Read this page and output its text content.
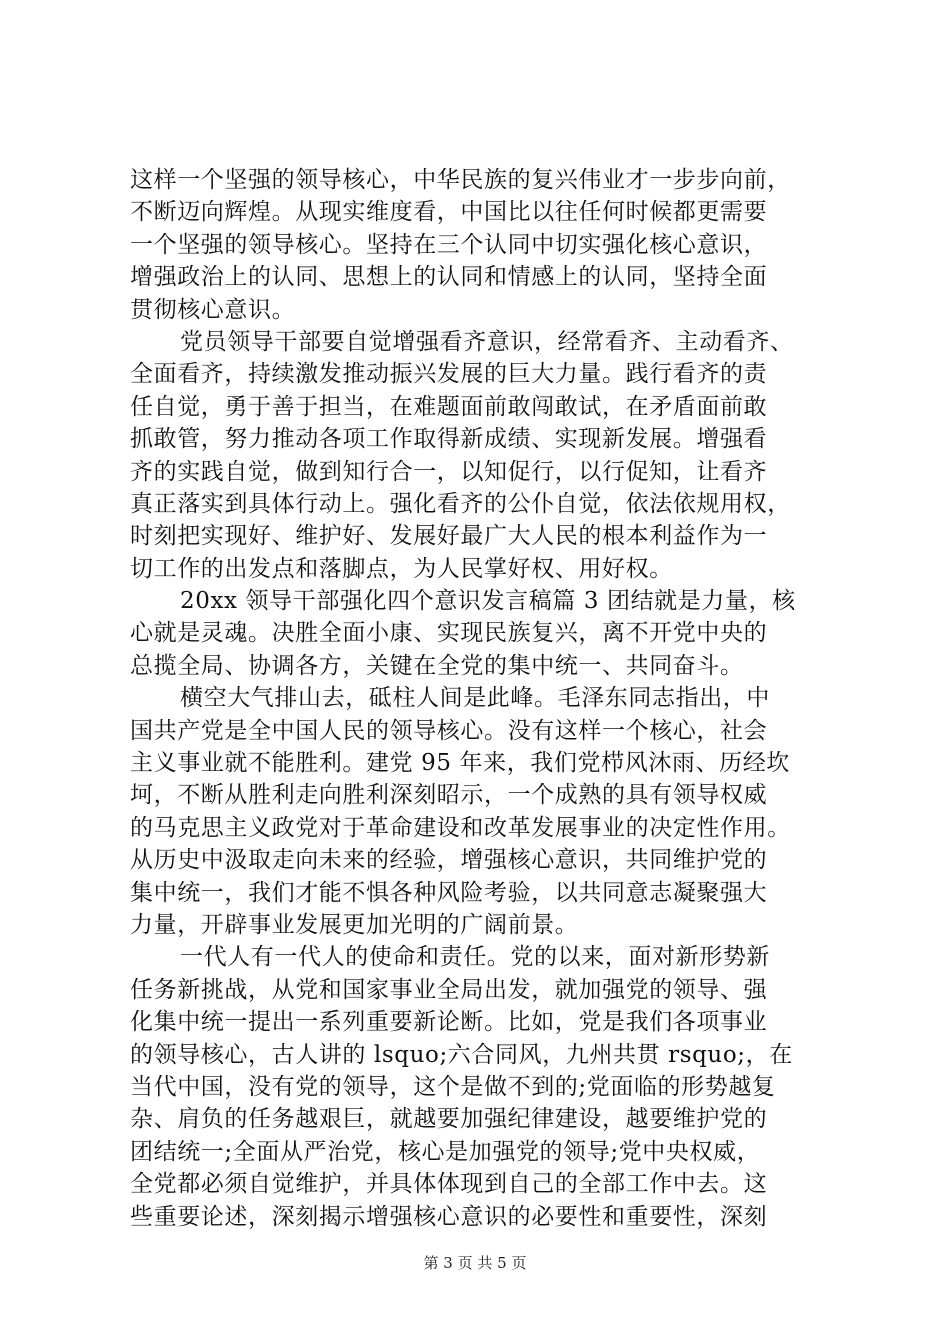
这样一个坚强的领导核心，中华民族的复兴伟业才一步步向前，
不断迈向辉煌。从现实维度看，中国比以往任何时候都更需要
一个坚强的领导核心。坚持在三个认同中切实强化核心意识，
增强政治上的认同、思想上的认同和情感上的认同，坚持全面
贯彻核心意识。
党员领导干部要自觉增强看齐意识，经常看齐、主动看齐、
全面看齐，持续激发推动振兴发展的巨大力量。践行看齐的责
任自觉，勇于善于担当，在难题面前敢闯敢试，在矛盾面前敢
抓敢管，努力推动各项工作取得新成绩、实现新发展。增强看
齐的实践自觉，做到知行合一，以知促行，以行促知，让看齐
真正落实到具体行动上。强化看齐的公仆自觉，依法依规用权，
时刻把实现好、维护好、发展好最广大人民的根本利益作为一
切工作的出发点和落脚点，为人民掌好权、用好权。
20xx 领导干部强化四个意识发言稿篇 3 团结就是力量，核
心就是灵魂。决胜全面小康、实现民族复兴，离不开党中央的
总揽全局、协调各方，关键在全党的集中统一、共同奋斗。
横空大气排山去，砥柱人间是此峰。毛泽东同志指出，中
国共产党是全中国人民的领导核心。没有这样一个核心，社会
主义事业就不能胜利。建党 95 年来，我们党栉风沐雨、历经坎
坷，不断从胜利走向胜利深刻昭示，一个成熟的具有领导权威
的马克思主义政党对于革命建设和改革发展事业的决定性作用。
从历史中汲取走向未来的经验，增强核心意识，共同维护党的
集中统一，我们才能不惧各种风险考验，以共同意志凝聚强大
力量，开辟事业发展更加光明的广阔前景。
一代人有一代人的使命和责任。党的以来，面对新形势新
任务新挑战，从党和国家事业全局出发，就加强党的领导、强
化集中统一提出一系列重要新论断。比如，党是我们各项事业
的领导核心，古人讲的 lsquo;六合同风，九州共贯 rsquo;，在
当代中国，没有党的领导，这个是做不到的;党面临的形势越复
杂、肩负的任务越艰巨，就越要加强纪律建设，越要维护党的
团结统一;全面从严治党，核心是加强党的领导;党中央权威，
全党都必须自觉维护，并具体体现到自己的全部工作中去。这
些重要论述，深刻揭示增强核心意识的必要性和重要性，深刻
第 3 页 共 5 页
